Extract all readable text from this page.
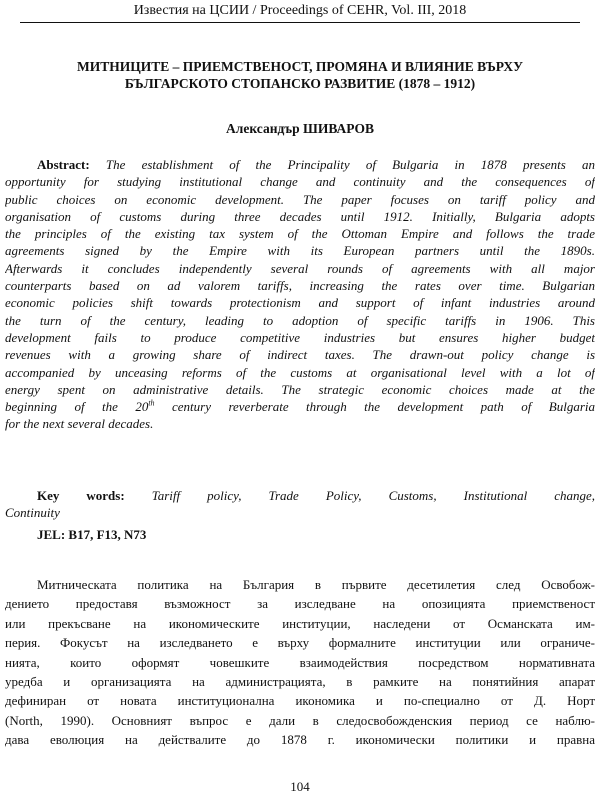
Известия на ЦСИИ / Proceedings of CEHR, Vol. III, 2018
МИТНИЦИТЕ – ПРИЕМСТВЕНОСТ, ПРОМЯНА И ВЛИЯНИЕ ВЪРХУ
БЪЛГАРСКОТО СТОПАНСКО РАЗВИТИЕ (1878 – 1912)
Александър ШИВАРОВ
Abstract: The establishment of the Principality of Bulgaria in 1878 presents an
opportunity for studying institutional change and continuity and the consequences of
public choices on economic development. The paper focuses on tariff policy and
organisation of customs during three decades until 1912. Initially, Bulgaria adopts
the principles of the existing tax system of the Ottoman Empire and follows the trade
agreements signed by the Empire with its European partners until the 1890s.
Afterwards it concludes independently several rounds of agreements with all major
counterparts based on ad valorem tariffs, increasing the rates over time. Bulgarian
economic policies shift towards protectionism and support of infant industries around
the turn of the century, leading to adoption of specific tariffs in 1906. This
development fails to produce competitive industries but ensures higher budget
revenues with a growing share of indirect taxes. The drawn-out policy change is
accompanied by unceasing reforms of the customs at organisational level with a lot of
energy spent on administrative details. The strategic economic choices made at the
beginning of the 20th century reverberate through the development path of Bulgaria
for the next several decades.
Key words: Tariff policy, Trade Policy, Customs, Institutional change,
Continuity
JEL: B17, F13, N73
Митническата политика на България в първите десетилетия след Освобож-
дението предоставя възможност за изследване на опозицията приемственост
или прекъсване на икономическите институции, наследени от Османската им-
перия. Фокусът на изследването е върху формалните институции или ограниче-
нията, които оформят човешките взаимодействия посредством нормативната
уредба и организацията на администрацията, в рамките на понятийния апарат
дефиниран от новата институционална икономика и по-специално от Д. Норт
(North, 1990). Основният въпрос е дали в следосвобожденския период се наблю-
дава еволюция на действалите до 1878 г. икономически политики и правна
104
